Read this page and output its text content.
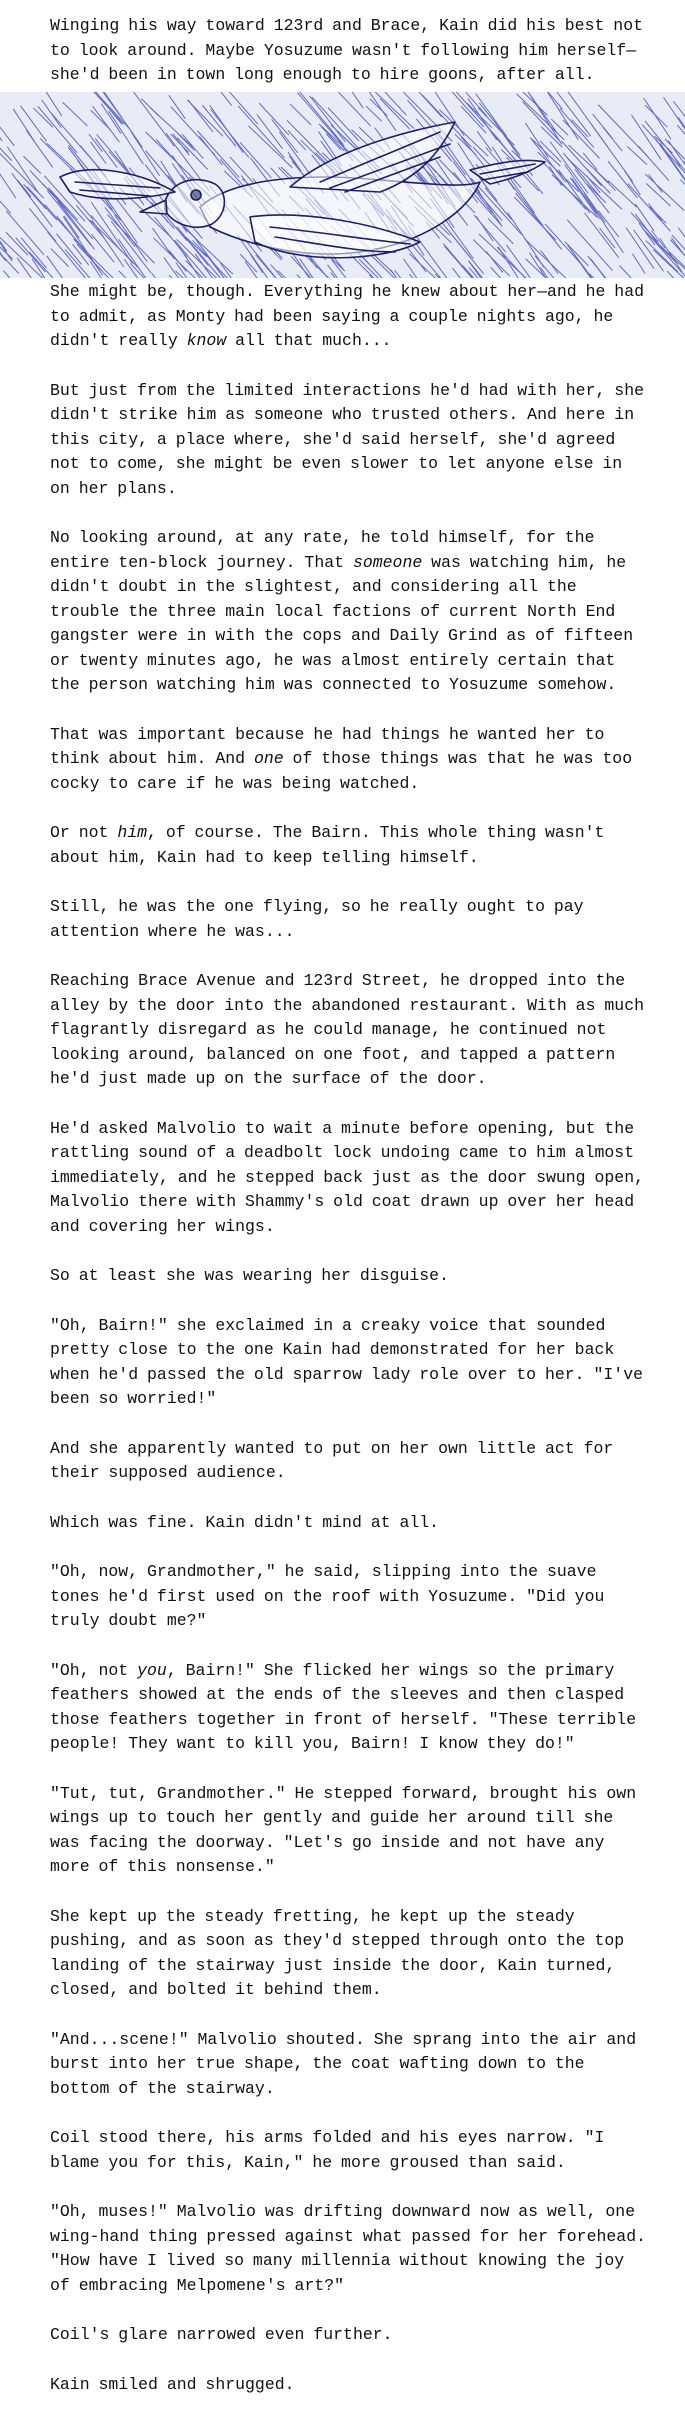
Winging his way toward 123rd and Brace, Kain did his best not to look around. Maybe Yosuzume wasn't following him herself—she'd been in town long enough to hire goons, after all.

She might be, though. Everything he knew about her—and he had to admit, as Monty had been saying a couple nights ago, he didn't really know all that much...

But just from the limited interactions he'd had with her, she didn't strike him as someone who trusted others. And here in this city, a place where, she'd said herself, she'd agreed not to come, she might be even slower to let anyone else in on her plans.

No looking around, at any rate, he told himself, for the entire ten-block journey. That someone was watching him, he didn't doubt in the slightest, and considering all the trouble the three main local factions of current North End gangster were in with the cops and Daily Grind as of fifteen or twenty minutes ago, he was almost entirely certain that the person watching him was connected to Yosuzume somehow.

That was important because he had things he wanted her to think about him. And one of those things was that he was too cocky to care if he was being watched.

Or not him, of course. The Bairn. This whole thing wasn't about him, Kain had to keep telling himself.

Still, he was the one flying, so he really ought to pay attention where he was...

Reaching Brace Avenue and 123rd Street, he dropped into the alley by the door into the abandoned restaurant. With as much flagrantly disregard as he could manage, he continued not looking around, balanced on one foot, and tapped a pattern he'd just made up on the surface of the door.

He'd asked Malvolio to wait a minute before opening, but the rattling sound of a deadbolt lock undoing came to him almost immediately, and he stepped back just as the door swung open, Malvolio there with Shammy's old coat drawn up over her head and covering her wings.

So at least she was wearing her disguise.

"Oh, Bairn!" she exclaimed in a creaky voice that sounded pretty close to the one Kain had demonstrated for her back when he'd passed the old sparrow lady role over to her. "I've been so worried!"

And she apparently wanted to put on her own little act for their supposed audience.

Which was fine. Kain didn't mind at all.

"Oh, now, Grandmother," he said, slipping into the suave tones he'd first used on the roof with Yosuzume. "Did you truly doubt me?"

"Oh, not you, Bairn!" She flicked her wings so the primary feathers showed at the ends of the sleeves and then clasped those feathers together in front of herself. "These terrible people! They want to kill you, Bairn! I know they do!"

"Tut, tut, Grandmother." He stepped forward, brought his own wings up to touch her gently and guide her around till she was facing the doorway. "Let's go inside and not have any more of this nonsense."

She kept up the steady fretting, he kept up the steady pushing, and as soon as they'd stepped through onto the top landing of the stairway just inside the door, Kain turned, closed, and bolted it behind them.

"And...scene!" Malvolio shouted. She sprang into the air and burst into her true shape, the coat wafting down to the bottom of the stairway.

Coil stood there, his arms folded and his eyes narrow. "I blame you for this, Kain," he more groused than said.

"Oh, muses!" Malvolio was drifting downward now as well, one wing-hand thing pressed against what passed for her forehead. "How have I lived so many millennia without knowing the joy of embracing Melpomene's art?"

Coil's glare narrowed even further.

Kain smiled and shrugged.
